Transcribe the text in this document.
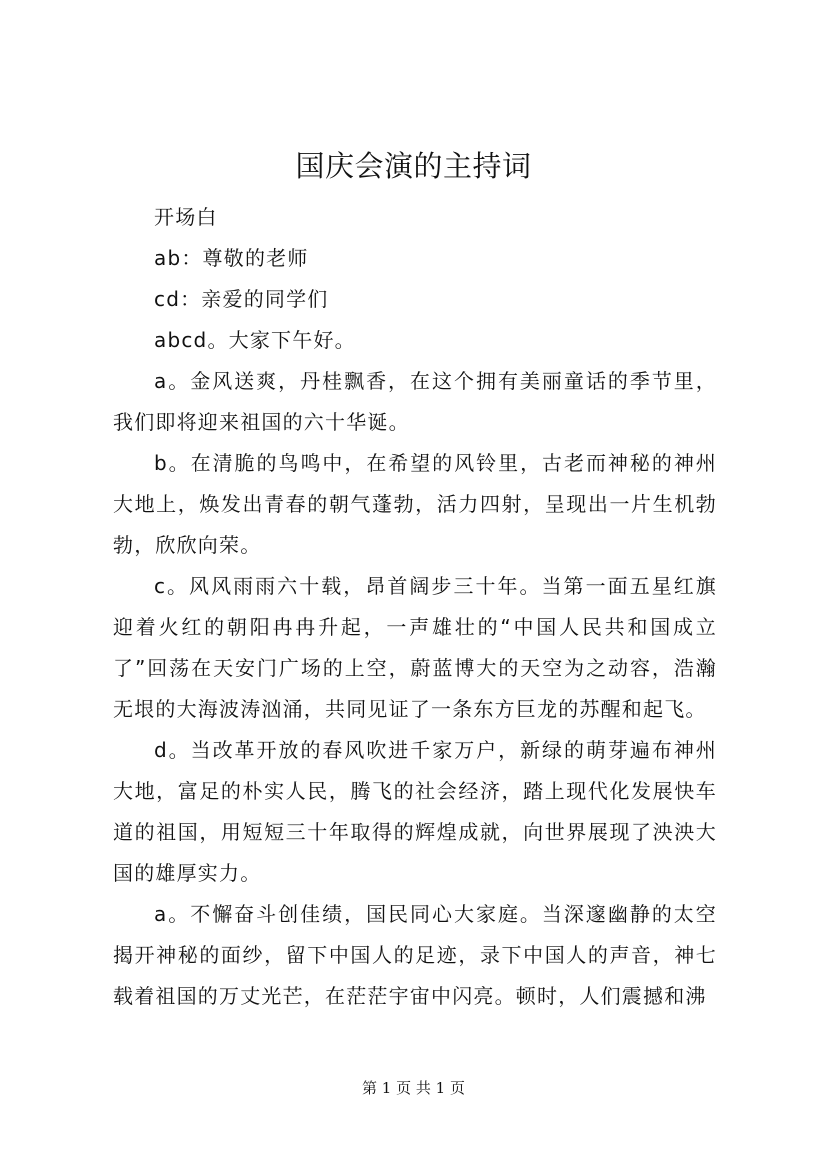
国庆会演的主持词

开场白

ab：尊敬的老师

cd：亲爱的同学们

abcd。大家下午好。

a。金风送爽，丹桂飘香，在这个拥有美丽童话的季节里，我们即将迎来祖国的六十华诞。

b。在清脆的鸟鸣中，在希望的风铃里，古老而神秘的神州大地上，焕发出青春的朝气蓬勃，活力四射，呈现出一片生机勃勃，欣欣向荣。

c。风风雨雨六十载，昂首阔步三十年。当第一面五星红旗迎着火红的朝阳冉冉升起，一声雄壮的“中国人民共和国成立了”回荡在天安门广场的上空，蔚蓝博大的天空为之动容，浩瀚无垠的大海波涛汹涌，共同见证了一条东方巨龙的苏醒和起飞。

d。当改革开放的春风吹进千家万户，新绿的萌芽遍布神州大地，富足的朴实人民，腾飞的社会经济，踏上现代化发展快车道的祖国，用短短三十年取得的辉煌成就，向世界展现了泱泱大国的雄厚实力。

a。不懈奋斗创佳绩，国民同心大家庭。当深邃幽静的太空揭开神秘的面纱，留下中国人的足迹，录下中国人的声音，神七载着祖国的万丈光芒，在茫茫宇宙中闪亮。顿时，人们震撼和沸

第 1 页 共 1 页
